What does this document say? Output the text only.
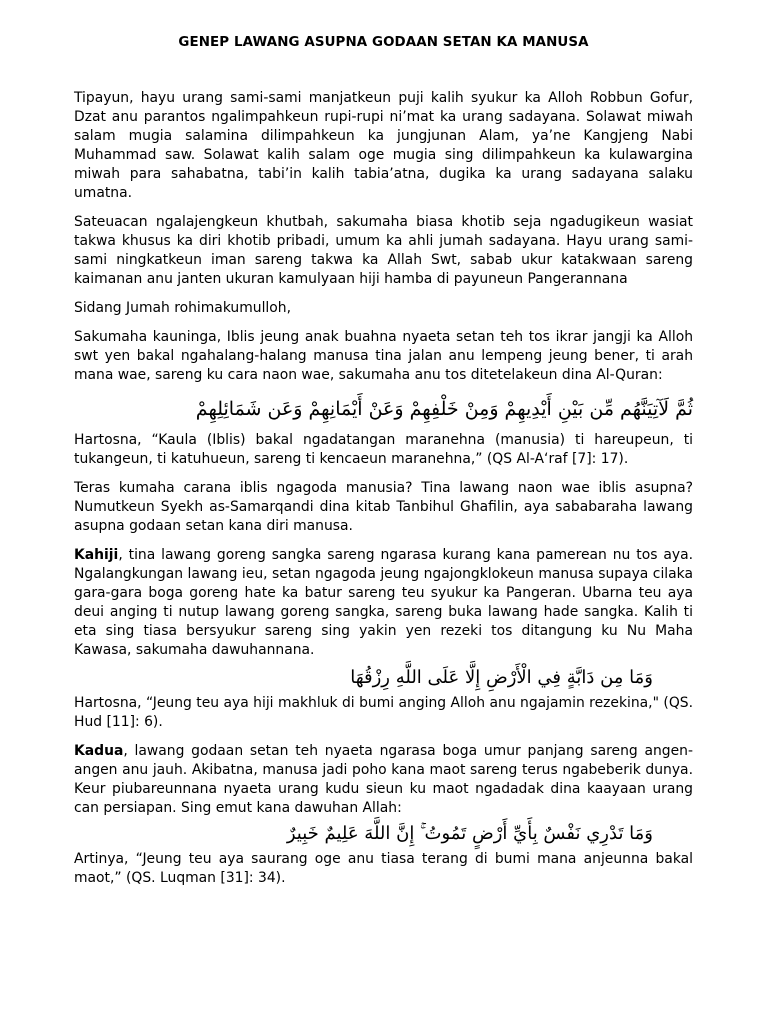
GENEP LAWANG ASUPNA GODAAN SETAN KA MANUSA

Tipayun, hayu urang sami-sami manjatkeun puji kalih syukur ka Alloh Robbun Gofur, Dzat anu parantos ngalimpahkeun rupi-rupi ni’mat ka urang sadayana. Solawat miwah salam mugia salamina dilimpahkeun ka jungjunan Alam, ya’ne Kangjeng Nabi Muhammad saw. Solawat kalih salam oge mugia sing dilimpahkeun ka kulawargina miwah para sahabatna, tabi’in kalih tabia’atna, dugika ka urang sadayana salaku umatna.

Sateuacan ngalajengkeun khutbah, sakumaha biasa khotib seja ngadugikeun wasiat takwa khusus ka diri khotib pribadi, umum ka ahli jumah sadayana. Hayu urang sami-sami ningkatkeun iman sareng takwa ka Allah Swt, sabab ukur katakwaan sareng kaimanan anu janten ukuran kamulyaan hiji hamba di payuneun Pangerannana

Sidang Jumah rohimakumulloh,

Sakumaha kauninga, Iblis jeung anak buahna nyaeta setan teh tos ikrar jangji ka Alloh swt yen bakal ngahalang-halang manusa tina jalan anu lempeng jeung bener, ti arah mana wae, sareng ku cara naon wae, sakumaha anu tos ditetelakeun dina Al-Quran:

ثُمَّ لَآتِيَنَّهُم مِّن بَيْنِ أَيْدِيهِمْ وَمِنْ خَلْفِهِمْ وَعَنْ أَيْمَانِهِمْ وَعَن شَمَائِلِهِمْ

Hartosna, “Kaula (Iblis) bakal ngadatangan maranehna (manusia) ti hareupeun, ti tukangeun, ti katuhueun, sareng ti kencaeun maranehna,” (QS Al-A‘raf [7]: 17).

Teras kumaha carana iblis ngagoda manusia? Tina lawang naon wae iblis asupna? Numutkeun Syekh as-Samarqandi dina kitab Tanbihul Ghafilin, aya sababaraha lawang asupna godaan setan kana diri manusa.

Kahiji, tina lawang goreng sangka sareng ngarasa kurang kana pamerean nu tos aya. Ngalangkungan lawang ieu, setan ngagoda jeung ngajongklokeun manusa supaya cilaka gara-gara boga goreng hate ka batur sareng teu syukur ka Pangeran. Ubarna teu aya deui anging ti nutup lawang goreng sangka, sareng buka lawang hade sangka. Kalih ti eta sing tiasa bersyukur sareng sing yakin yen rezeki tos ditangung ku Nu Maha Kawasa, sakumaha dawuhannana.

وَمَا مِن دَابَّةٍ فِي الْأَرْضِ إِلَّا عَلَى اللَّهِ رِزْقُهَا

Hartosna, “Jeung teu aya hiji makhluk di bumi anging Alloh anu ngajamin rezekina," (QS. Hud [11]: 6).

Kadua, lawang godaan setan teh nyaeta ngarasa boga umur panjang sareng angen-angen anu jauh. Akibatna, manusa jadi poho kana maot sareng terus ngabeberik dunya. Keur piubareunnana nyaeta urang kudu sieun ku maot ngadadak dina kaayaan urang can persiapan. Sing emut kana dawuhan Allah:

وَمَا تَدْرِي نَفْسٌ بِأَيِّ أَرْضٍ تَمُوتُ ۚ إِنَّ اللَّهَ عَلِيمٌ خَبِيرٌ

Artinya, “Jeung teu aya saurang oge anu tiasa terang di bumi mana anjeunna bakal maot,” (QS. Luqman [31]: 34).
